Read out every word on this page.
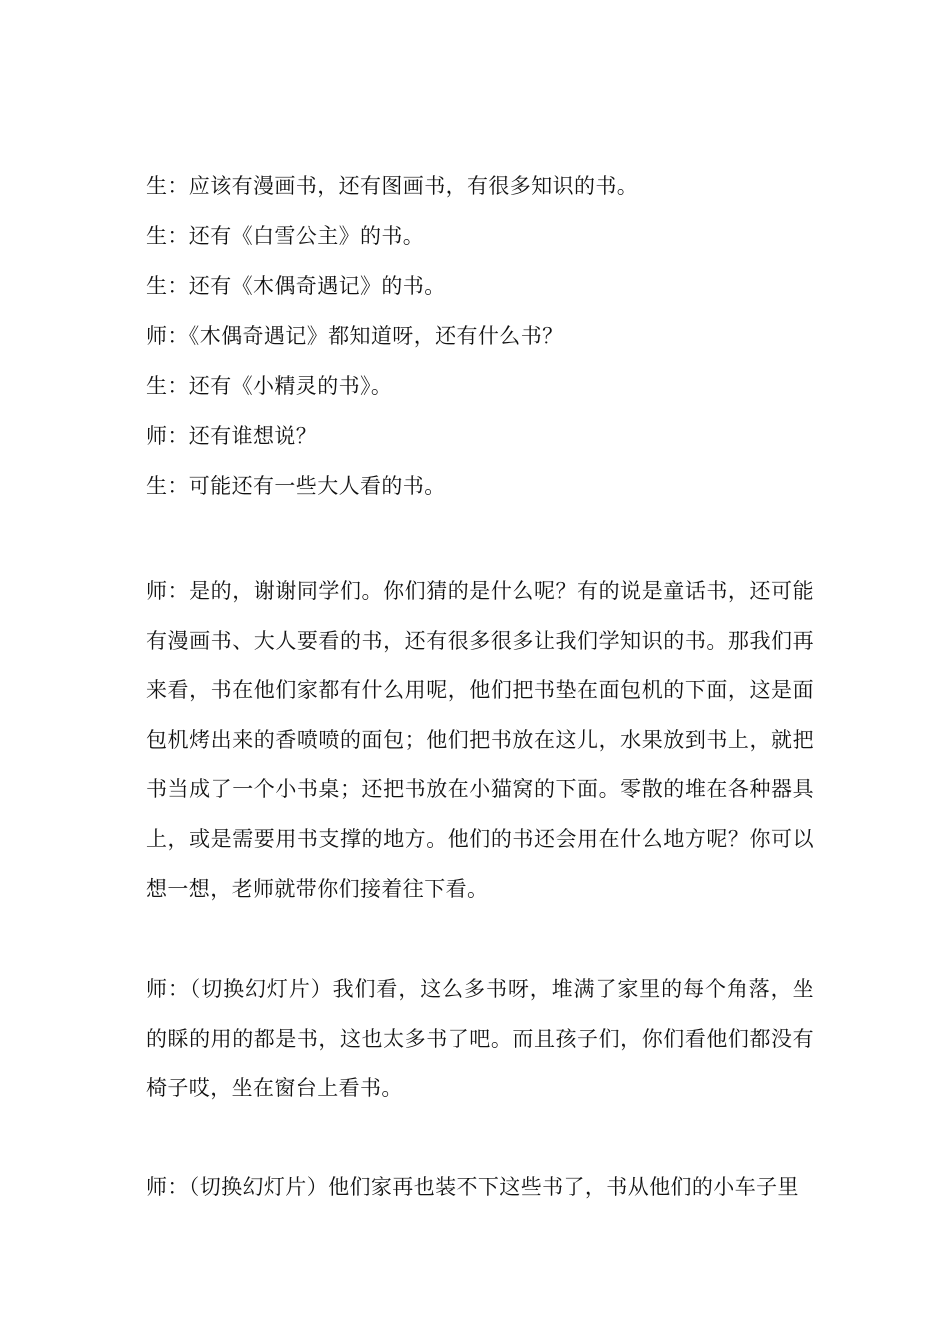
生：应该有漫画书，还有图画书，有很多知识的书。
生：还有《白雪公主》的书。
生：还有《木偶奇遇记》的书。
师：《木偶奇遇记》都知道呀，还有什么书？
生：还有《小精灵的书》。
师：还有谁想说？
生：可能还有一些大人看的书。
师：是的，谢谢同学们。你们猜的是什么呢？有的说是童话书，还可能有漫画书、大人要看的书，还有很多很多让我们学知识的书。那我们再来看，书在他们家都有什么用呢，他们把书垫在面包机的下面，这是面包机烤出来的香喷喷的面包；他们把书放在这儿，水果放到书上，就把书当成了一个小书桌；还把书放在小猫窝的下面。零散的堆在各种器具上，或是需要用书支撑的地方。他们的书还会用在什么地方呢？你可以想一想，老师就带你们接着往下看。
师：（切换幻灯片）我们看，这么多书呀，堆满了家里的每个角落，坐的睬的用的都是书，这也太多书了吧。而且孩子们，你们看他们都没有椅子哎，坐在窗台上看书。
师：（切换幻灯片）他们家再也装不下这些书了，书从他们的小车子里
